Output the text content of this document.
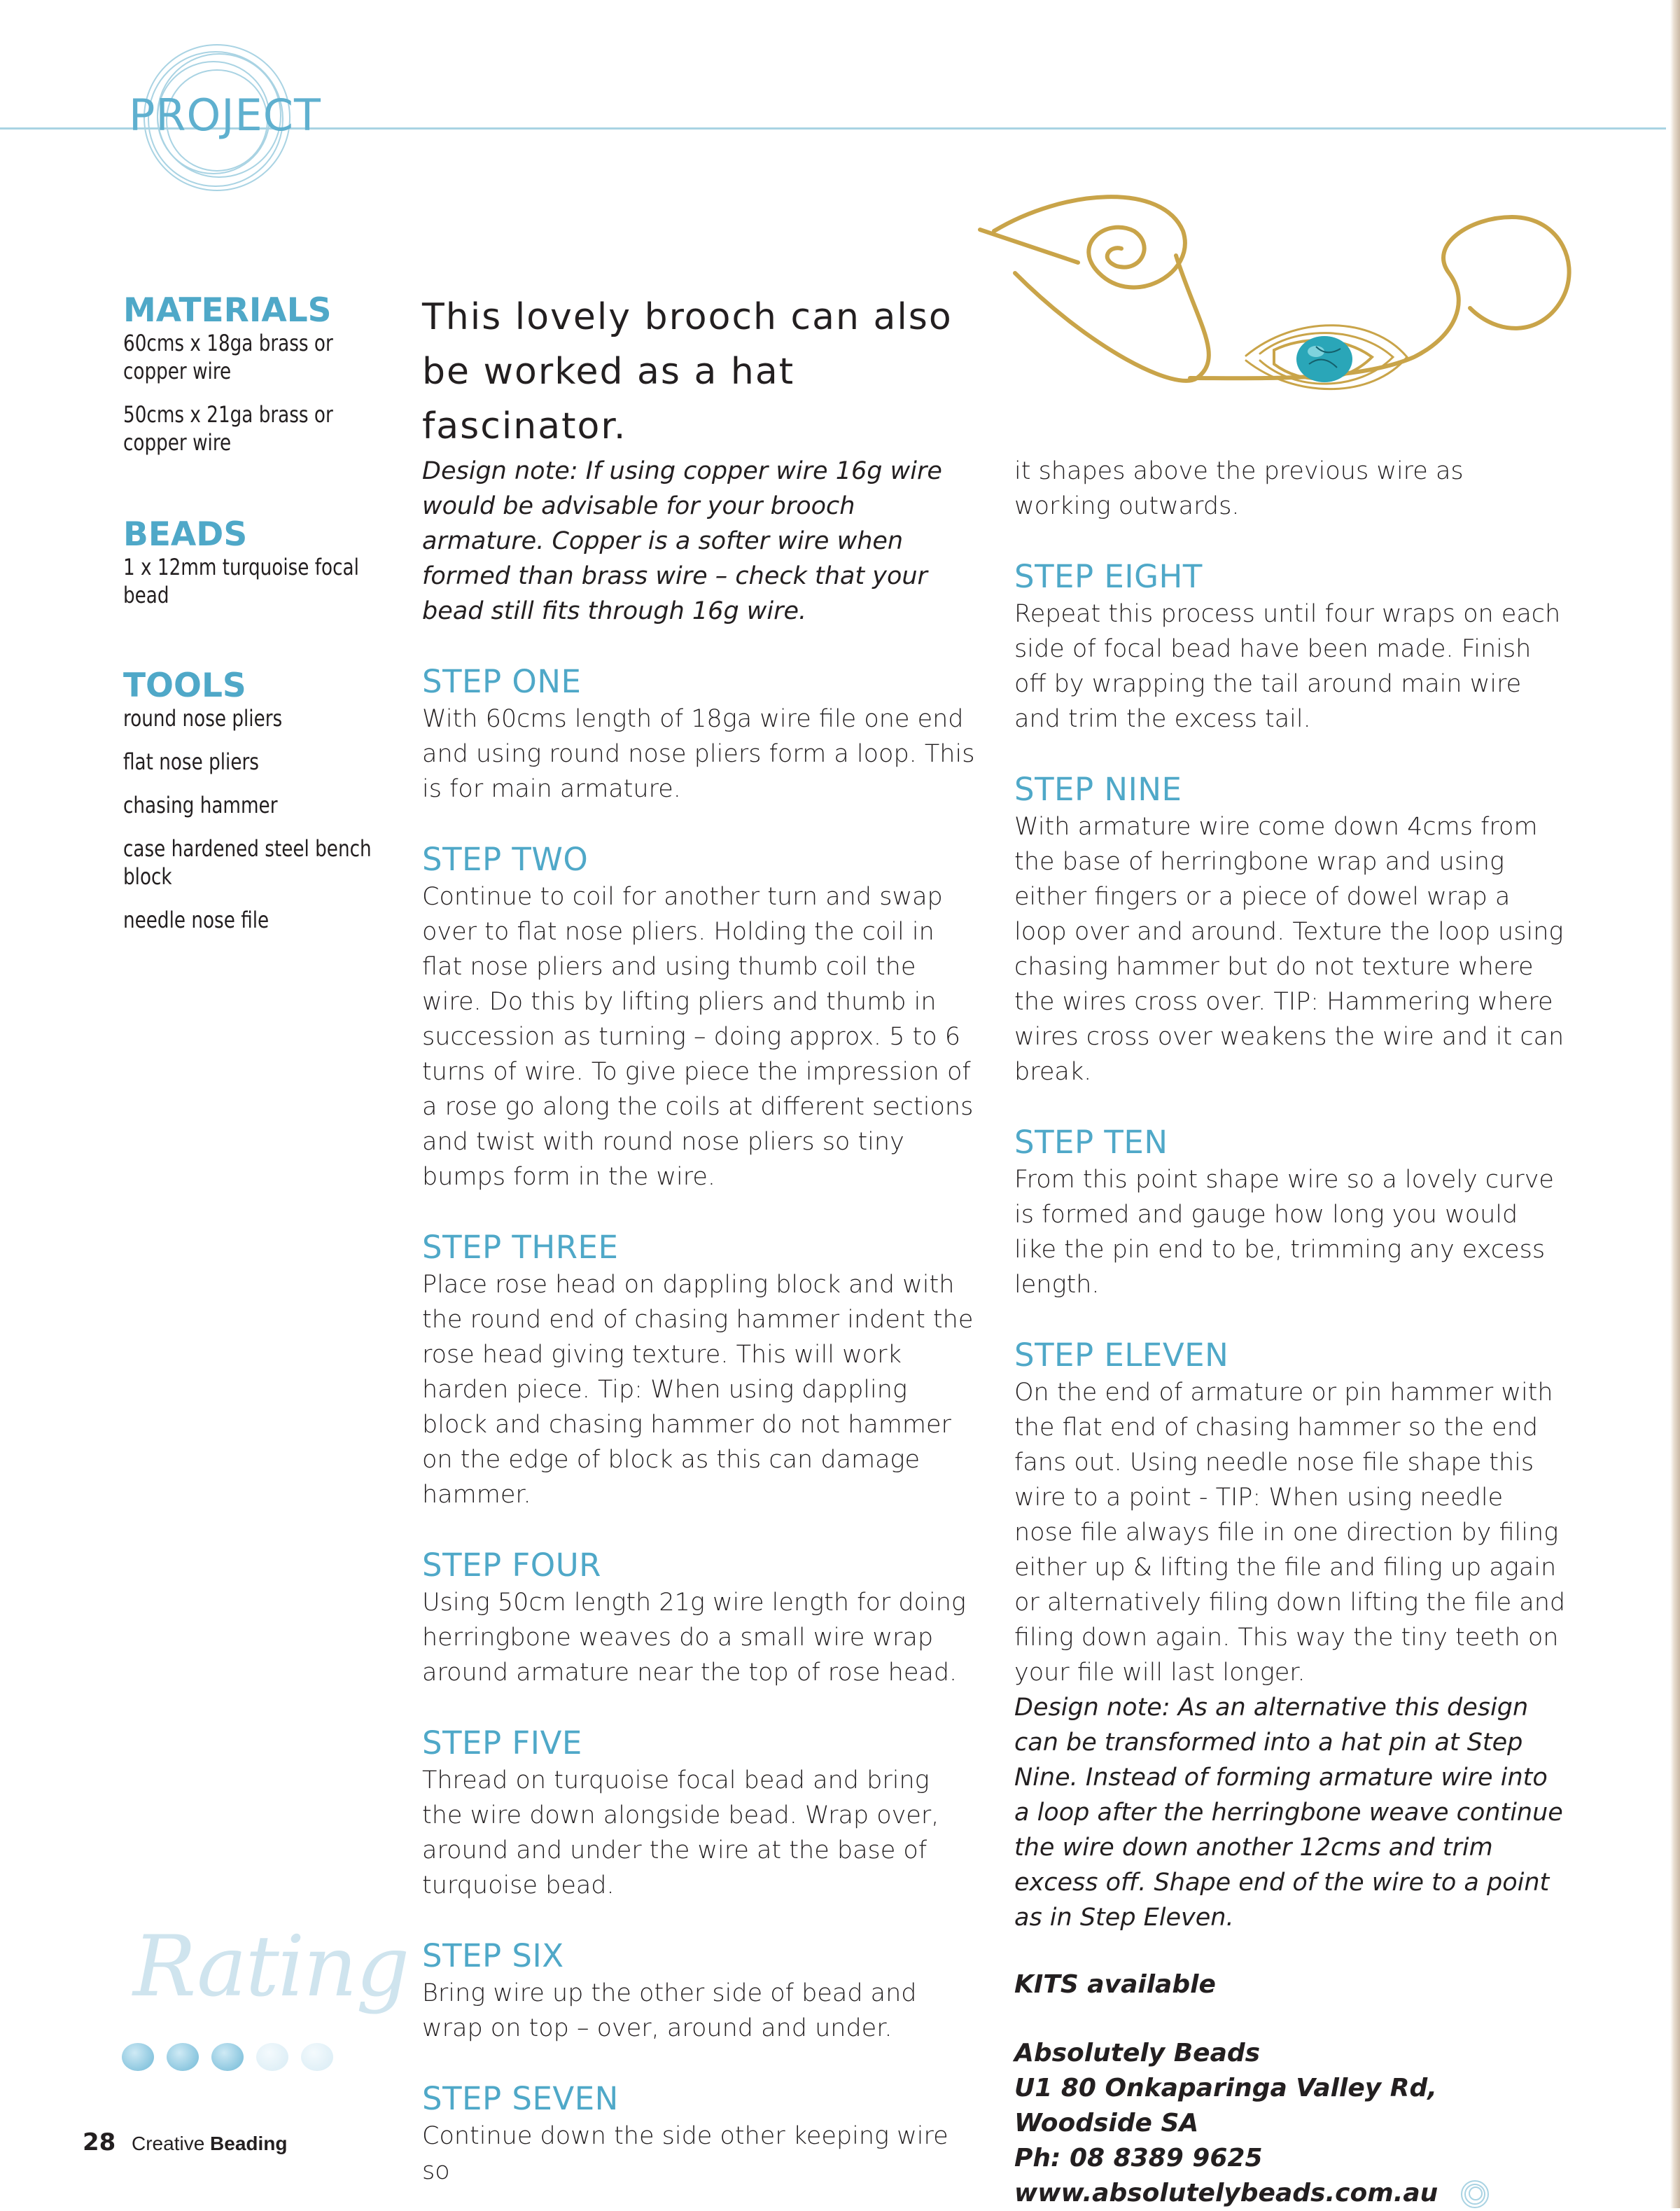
PROJECT
MATERIALS
60cms x 18ga brass or copper wire
50cms x 21ga brass or copper wire
BEADS
1 x 12mm turquoise focal bead
TOOLS
round nose pliers
flat nose pliers
chasing hammer
case hardened steel bench block
needle nose file
Rating
This lovely brooch can also be worked as a hat fascinator.

Design note: If using copper wire 16g wire would be advisable for your brooch armature. Copper is a softer wire when formed than brass wire – check that your bead still fits through 16g wire.

STEP ONE

With 60cms length of 18ga wire file one end and using round nose pliers form a loop. This is for main armature.

STEP TWO

Continue to coil for another turn and swap over to flat nose pliers. Holding the coil in flat nose pliers and using thumb coil the wire. Do this by lifting pliers and thumb in succession as turning – doing approx. 5 to 6 turns of wire. To give piece the impression of a rose go along the coils at different sections and twist with round nose pliers so tiny bumps form in the wire.

STEP THREE

Place rose head on dappling block and with the round end of chasing hammer indent the rose head giving texture. This will work harden piece. Tip: When using dappling block and chasing hammer do not hammer on the edge of block as this can damage hammer.

STEP FOUR

Using 50cm length 21g wire length for doing herringbone weaves do a small wire wrap around armature near the top of rose head.

STEP FIVE

Thread on turquoise focal bead and bring the wire down alongside bead. Wrap over, around and under the wire at the base of turquoise bead.

STEP SIX

Bring wire up the other side of bead and wrap on top – over, around and under.

STEP SEVEN

Continue down the side other keeping wire so

it shapes above the previous wire as working outwards.

STEP EIGHT

Repeat this process until four wraps on each side of focal bead have been made. Finish off by wrapping the tail around main wire and trim the excess tail.

STEP NINE

With armature wire come down 4cms from the base of herringbone wrap and using either fingers or a piece of dowel wrap a loop over and around. Texture the loop using chasing hammer but do not texture where the wires cross over. TIP: Hammering where wires cross over weakens the wire and it can break.

STEP TEN

From this point shape wire so a lovely curve is formed and gauge how long you would like the pin end to be, trimming any excess length.

STEP ELEVEN

On the end of armature or pin hammer with the flat end of chasing hammer so the end fans out. Using needle nose file shape this wire to a point - TIP: When using needle nose file always file in one direction by filing either up & lifting the file and filing up again or alternatively filing down lifting the file and filing down again. This way the tiny teeth on your file will last longer.

Design note: As an alternative this design can be transformed into a hat pin at Step Nine. Instead of forming armature wire into a loop after the herringbone weave continue the wire down another 12cms and trim excess off. Shape end of the wire to a point as in Step Eleven.

KITS available

Absolutely Beads

U1 80 Onkaparinga Valley Rd, Woodside SA

Ph: 08 8389 9625

www.absolutelybeads.com.au

28 Creative Beading
